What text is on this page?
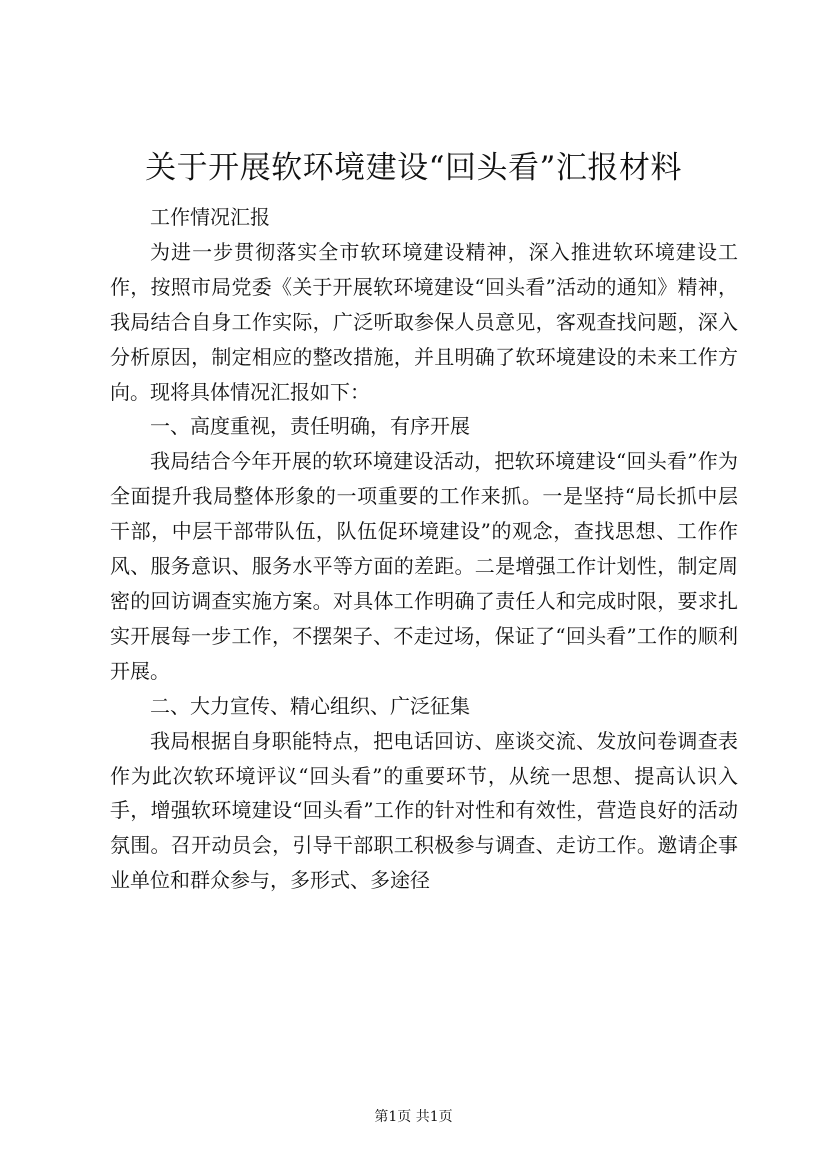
关于开展软环境建设“回头看”汇报材料

工作情况汇报

为进一步贯彻落实全市软环境建设精神，深入推进软环境建设工作，按照市局党委《关于开展软环境建设“回头看”活动的通知》精神，我局结合自身工作实际，广泛听取参保人员意见，客观查找问题，深入分析原因，制定相应的整改措施，并且明确了软环境建设的未来工作方向。现将具体情况汇报如下：

一、高度重视，责任明确，有序开展

我局结合今年开展的软环境建设活动，把软环境建设“回头看”作为全面提升我局整体形象的一项重要的工作来抓。一是坚持“局长抓中层干部，中层干部带队伍，队伍促环境建设”的观念，查找思想、工作作风、服务意识、服务水平等方面的差距。二是增强工作计划性，制定周密的回访调查实施方案。对具体工作明确了责任人和完成时限，要求扎实开展每一步工作，不摆架子、不走过场，保证了“回头看”工作的顺利开展。

二、大力宣传、精心组织、广泛征集

我局根据自身职能特点，把电话回访、座谈交流、发放问卷调查表作为此次软环境评议“回头看”的重要环节，从统一思想、提高认识入手，增强软环境建设“回头看”工作的针对性和有效性，营造良好的活动氛围。召开动员会，引导干部职工积极参与调查、走访工作。邀请企事业单位和群众参与，多形式、多途径

第1页 共1页
